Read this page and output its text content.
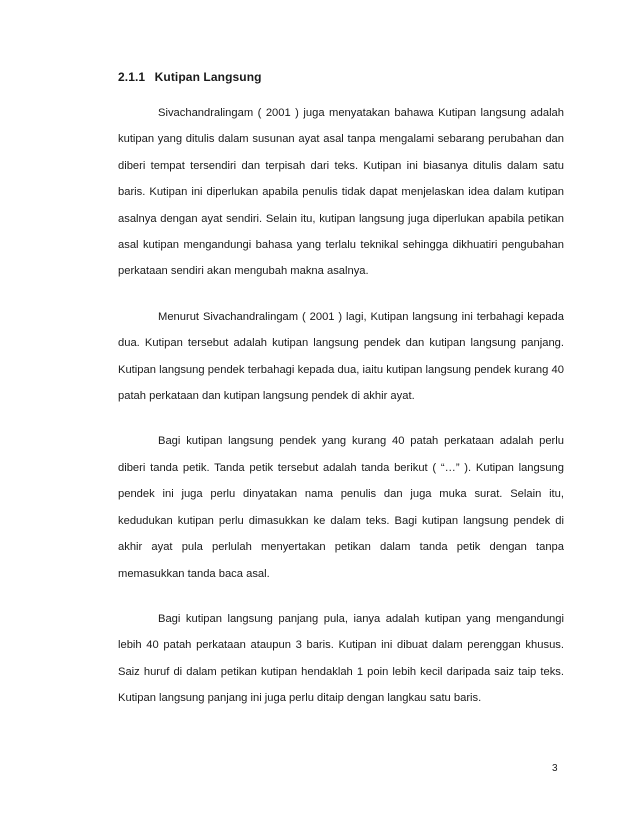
2.1.1 Kutipan Langsung

Sivachandralingam ( 2001 ) juga menyatakan bahawa Kutipan langsung adalah kutipan yang ditulis dalam susunan ayat asal tanpa mengalami sebarang perubahan dan diberi tempat tersendiri dan terpisah dari teks. Kutipan ini biasanya ditulis dalam satu baris. Kutipan ini diperlukan apabila penulis tidak dapat menjelaskan idea dalam kutipan asalnya dengan ayat sendiri. Selain itu, kutipan langsung juga diperlukan apabila petikan asal kutipan mengandungi bahasa yang terlalu teknikal sehingga dikhuatiri pengubahan perkataan sendiri akan mengubah makna asalnya.

Menurut Sivachandralingam ( 2001 ) lagi, Kutipan langsung ini terbahagi kepada dua. Kutipan tersebut adalah kutipan langsung pendek dan kutipan langsung panjang. Kutipan langsung pendek terbahagi kepada dua, iaitu kutipan langsung pendek kurang 40 patah perkataan dan kutipan langsung pendek di akhir ayat.

Bagi kutipan langsung pendek yang kurang 40 patah perkataan adalah perlu diberi tanda petik. Tanda petik tersebut adalah tanda berikut ( “…” ). Kutipan langsung pendek ini juga perlu dinyatakan nama penulis dan juga muka surat. Selain itu, kedudukan kutipan perlu dimasukkan ke dalam teks. Bagi kutipan langsung pendek di akhir ayat pula perlulah menyertakan petikan dalam tanda petik dengan tanpa memasukkan tanda baca asal.

Bagi kutipan langsung panjang pula, ianya adalah kutipan yang mengandungi lebih 40 patah perkataan ataupun 3 baris. Kutipan ini dibuat dalam perenggan khusus. Saiz huruf di dalam petikan kutipan hendaklah 1 poin lebih kecil daripada saiz taip teks. Kutipan langsung panjang ini juga perlu ditaip dengan langkau satu baris.

3
